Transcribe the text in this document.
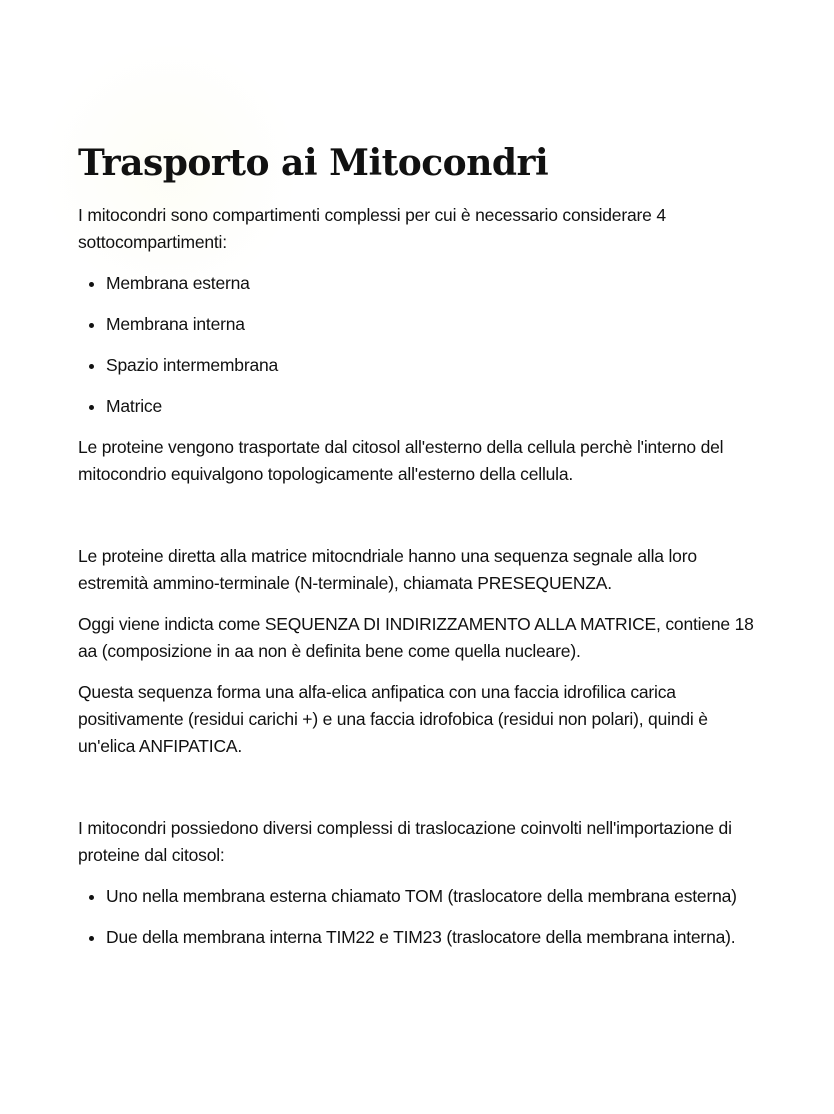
Trasporto ai Mitocondri

I mitocondri sono compartimenti complessi per cui è necessario considerare 4 sottocompartimenti:

• Membrana esterna
• Membrana interna
• Spazio intermembrana
• Matrice

Le proteine vengono trasportate dal citosol all'esterno della cellula perchè l'interno del mitocondrio equivalgono topologicamente all'esterno della cellula.

Le proteine diretta alla matrice mitocndriale hanno una sequenza segnale alla loro estremità ammino-terminale (N-terminale), chiamata PRESEQUENZA.

Oggi viene indicta come SEQUENZA DI INDIRIZZAMENTO ALLA MATRICE, contiene 18 aa (composizione in aa non è definita bene come quella nucleare).

Questa sequenza forma una alfa-elica anfipatica con una faccia idrofilica carica positivamente (residui carichi +) e una faccia idrofobica (residui non polari), quindi è un'elica ANFIPATICA.

I mitocondri possiedono diversi complessi di traslocazione coinvolti nell'importazione di proteine dal citosol:

• Uno nella membrana esterna chiamato TOM (traslocatore della membrana esterna)
• Due della membrana interna TIM22 e TIM23 (traslocatore della membrana interna).
